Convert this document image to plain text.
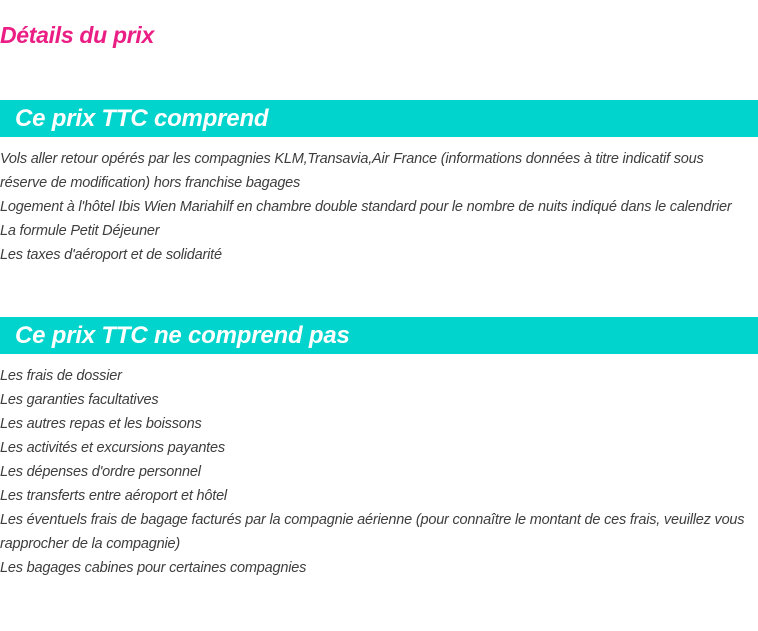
Détails du prix
Ce prix TTC comprend
Vols aller retour opérés par les compagnies KLM,Transavia,Air France (informations données à titre indicatif sous réserve de modification) hors franchise bagages
Logement à l'hôtel Ibis Wien Mariahilf en chambre double standard pour le nombre de nuits indiqué dans le calendrier
La formule Petit Déjeuner
Les taxes d'aéroport et de solidarité
Ce prix TTC ne comprend pas
Les frais de dossier
Les garanties facultatives
Les autres repas et les boissons
Les activités et excursions payantes
Les dépenses d'ordre personnel
Les transferts entre aéroport et hôtel
Les éventuels frais de bagage facturés par la compagnie aérienne (pour connaître le montant de ces frais, veuillez vous rapprocher de la compagnie)
Les bagages cabines pour certaines compagnies
